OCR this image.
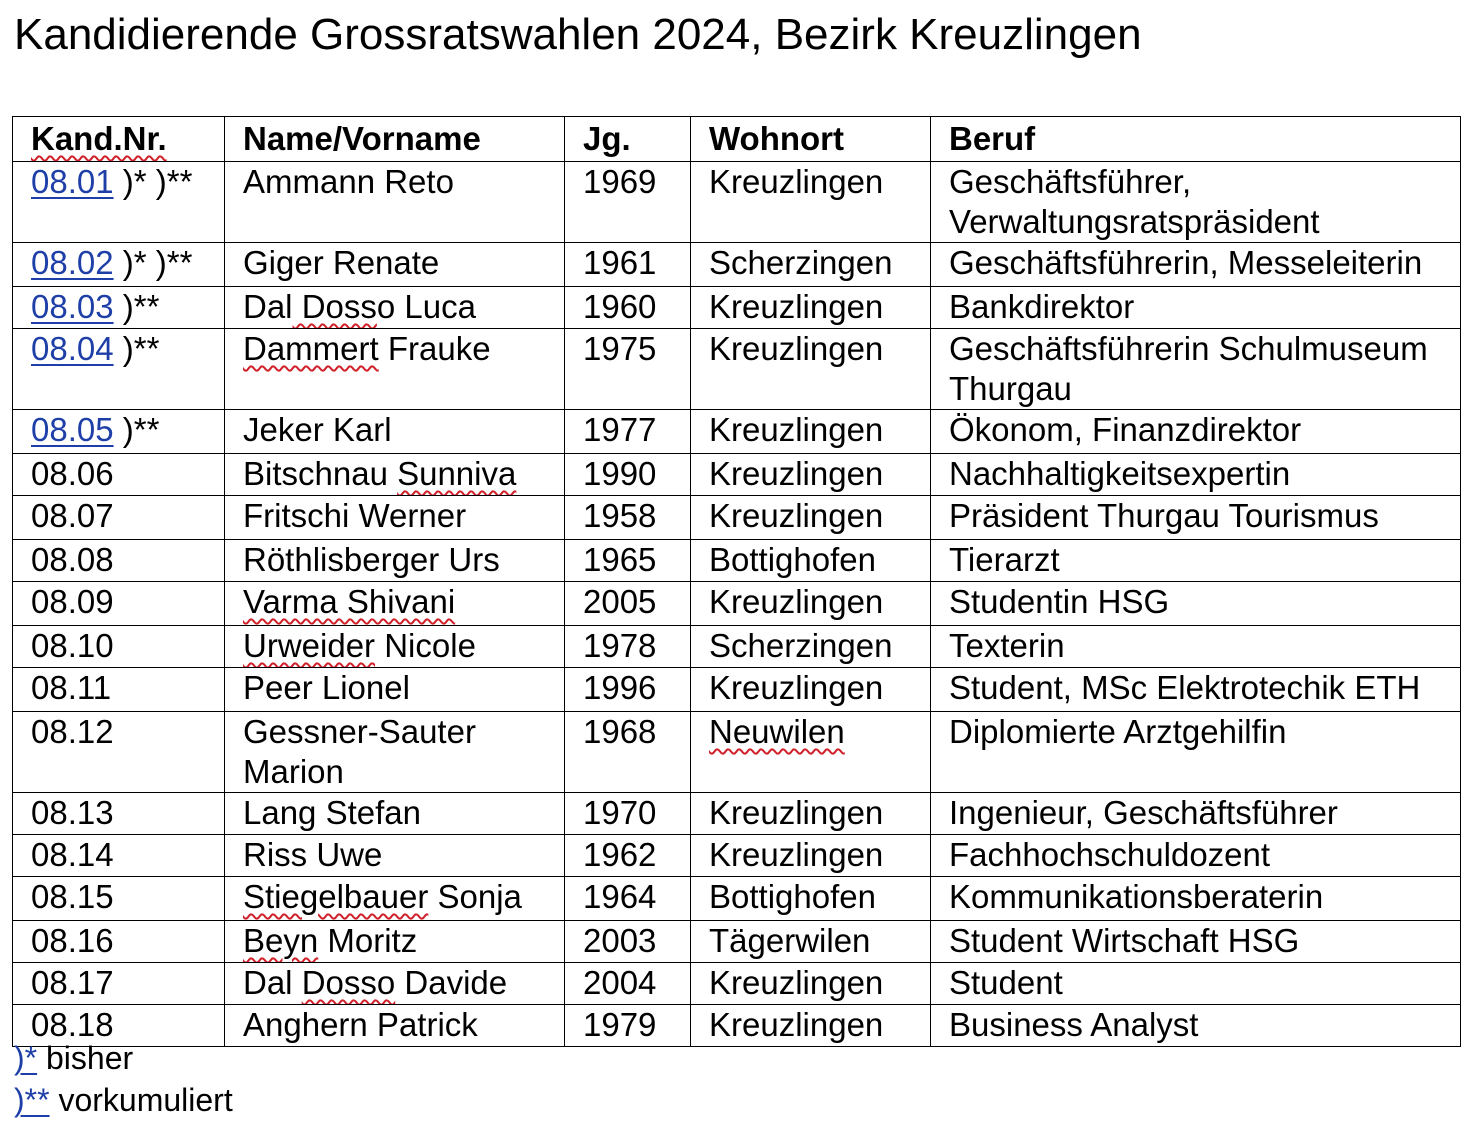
Kandidierende Grossratswahlen 2024, Bezirk Kreuzlingen
Kand.Nr.	Name/Vorname	Jg.	Wohnort	Beruf
08.01 )* )**	Ammann Reto	1969	Kreuzlingen	Geschäftsführer, Verwaltungsratspräsident
08.02 )* )**	Giger Renate	1961	Scherzingen	Geschäftsführerin, Messeleiterin
08.03 )**	Dal Dosso Luca	1960	Kreuzlingen	Bankdirektor
08.04 )**	Dammert Frauke	1975	Kreuzlingen	Geschäftsführerin Schulmuseum Thurgau
08.05 )**	Jeker Karl	1977	Kreuzlingen	Ökonom, Finanzdirektor
08.06	Bitschnau Sunniva	1990	Kreuzlingen	Nachhaltigkeitsexpertin
08.07	Fritschi Werner	1958	Kreuzlingen	Präsident Thurgau Tourismus
08.08	Röthlisberger Urs	1965	Bottighofen	Tierarzt
08.09	Varma Shivani	2005	Kreuzlingen	Studentin HSG
08.10	Urweider Nicole	1978	Scherzingen	Texterin
08.11	Peer Lionel	1996	Kreuzlingen	Student, MSc Elektrotechik ETH
08.12	Gessner-Sauter Marion	1968	Neuwilen	Diplomierte Arztgehilfin
08.13	Lang Stefan	1970	Kreuzlingen	Ingenieur, Geschäftsführer
08.14	Riss Uwe	1962	Kreuzlingen	Fachhochschuldozent
08.15	Stiegelbauer Sonja	1964	Bottighofen	Kommunikationsberaterin
08.16	Beyn Moritz	2003	Tägerwilen	Student Wirtschaft HSG
08.17	Dal Dosso Davide	2004	Kreuzlingen	Student
08.18	Anghern Patrick	1979	Kreuzlingen	Business Analyst
)* bisher
)** vorkumuliert
